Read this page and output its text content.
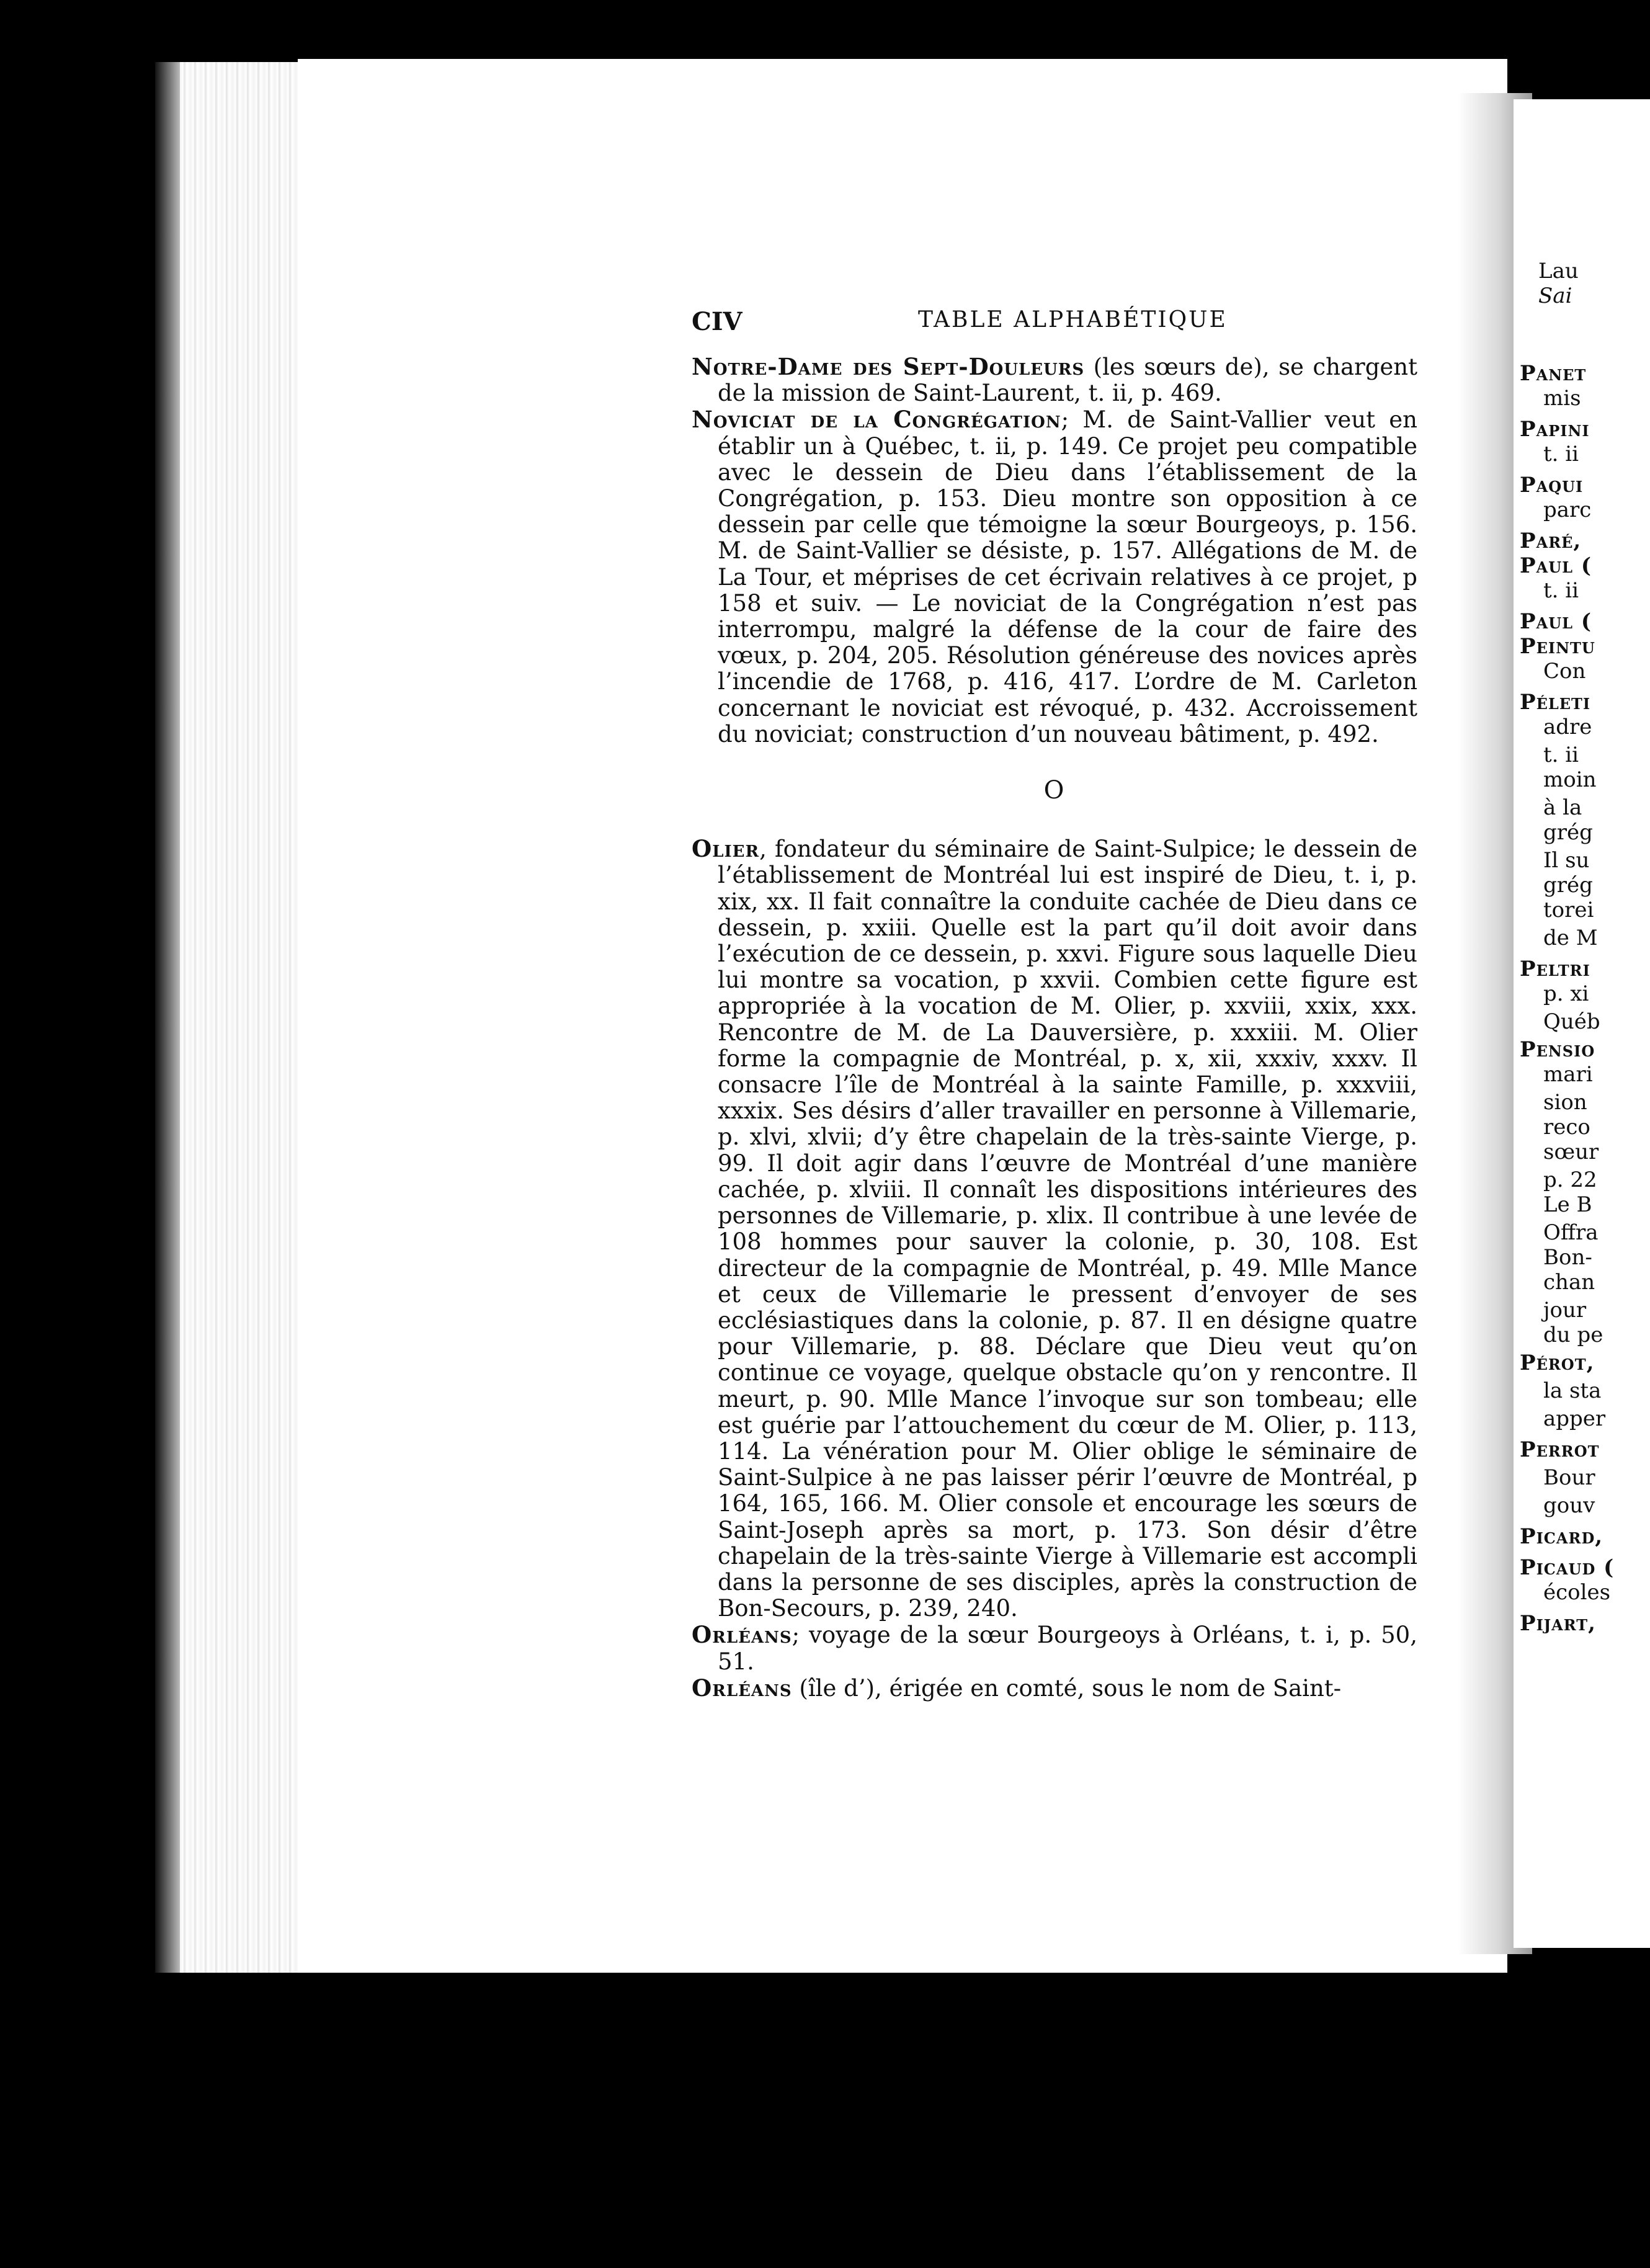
Lau
Sai
Panet
mis
Papini
t. ii
Paqui
parc
Paré,
Paul (
t. ii
Paul (
Peintu
Con
Péleti
adre
t. ii
moin
à la
grég
Il su
grég
torei
de M
Peltri
p. xi
Québ
Pensio
mari
sion
reco
sœur
p. 22
Le B
Offra
Bon-
chan
jour
du pe
Pérot,
la sta
apper
Perrot
Bour
gouv
Picard,
Picaud (
écoles
Pijart,
CIV	TABLE ALPHABÉTIQUE

Notre-Dame des Sept-Douleurs (les sœurs de), se chargent de la mission de Saint-Laurent, t. ii, p. 469.

Noviciat de la Congrégation; M. de Saint-Vallier veut en établir un à Québec, t. ii, p. 149. Ce projet peu compatible avec le dessein de Dieu dans l’établissement de la Congrégation, p. 153. Dieu montre son opposition à ce dessein par celle que témoigne la sœur Bourgeoys, p. 156. M. de Saint-Vallier se désiste, p. 157. Allégations de M. de La Tour, et méprises de cet écrivain relatives à ce projet, p 158 et suiv. — Le noviciat de la Congrégation n’est pas interrompu, malgré la défense de la cour de faire des vœux, p. 204, 205. Résolution généreuse des novices après l’incendie de 1768, p. 416, 417. L’ordre de M. Carleton concernant le noviciat est révoqué, p. 432. Accroissement du noviciat; construction d’un nouveau bâtiment, p. 492.

O

Olier, fondateur du séminaire de Saint-Sulpice; le dessein de l’établissement de Montréal lui est inspiré de Dieu, t. i, p. xix, xx. Il fait connaître la conduite cachée de Dieu dans ce dessein, p. xxiii. Quelle est la part qu’il doit avoir dans l’exécution de ce dessein, p. xxvi. Figure sous laquelle Dieu lui montre sa vocation, p xxvii. Combien cette figure est appropriée à la vocation de M. Olier, p. xxviii, xxix, xxx. Rencontre de M. de La Dauversière, p. xxxiii. M. Olier forme la compagnie de Montréal, p. x, xii, xxxiv, xxxv. Il consacre l’île de Montréal à la sainte Famille, p. xxxviii, xxxix. Ses désirs d’aller travailler en personne à Villemarie, p. xlvi, xlvii; d’y être chapelain de la très-sainte Vierge, p. 99. Il doit agir dans l’œuvre de Montréal d’une manière cachée, p. xlviii. Il connaît les dispositions intérieures des personnes de Villemarie, p. xlix. Il contribue à une levée de 108 hommes pour sauver la colonie, p. 30, 108. Est directeur de la compagnie de Montréal, p. 49. Mlle Mance et ceux de Villemarie le pressent d’envoyer de ses ecclésiastiques dans la colonie, p. 87. Il en désigne quatre pour Villemarie, p. 88. Déclare que Dieu veut qu’on continue ce voyage, quelque obstacle qu’on y rencontre. Il meurt, p. 90. Mlle Mance l’invoque sur son tombeau; elle est guérie par l’attouchement du cœur de M. Olier, p. 113, 114. La vénération pour M. Olier oblige le séminaire de Saint-Sulpice à ne pas laisser périr l’œuvre de Montréal, p 164, 165, 166. M. Olier console et encourage les sœurs de Saint-Joseph après sa mort, p. 173. Son désir d’être chapelain de la très-sainte Vierge à Villemarie est accompli dans la personne de ses disciples, après la construction de Bon-Secours, p. 239, 240.

Orléans; voyage de la sœur Bourgeoys à Orléans, t. i, p. 50, 51.

Orléans (île d’), érigée en comté, sous le nom de Saint-
